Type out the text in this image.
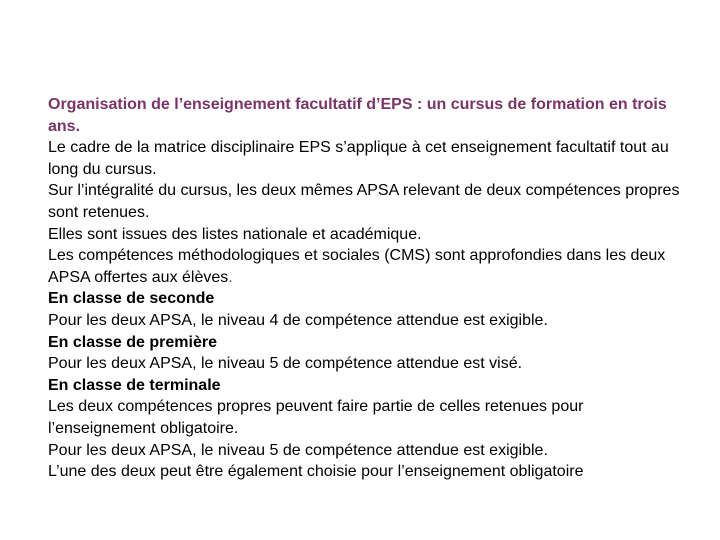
Organisation de l’enseignement facultatif d’EPS : un cursus de formation en trois ans.

Le cadre de la matrice disciplinaire EPS s’applique à cet enseignement facultatif tout au long du cursus.

Sur l’intégralité du cursus, les deux mêmes APSA relevant de deux compétences propres sont retenues.

Elles sont issues des listes nationale et académique.

Les compétences méthodologiques et sociales (CMS) sont approfondies dans les deux APSA offertes aux élèves.

En classe de seconde

Pour les deux APSA, le niveau 4 de compétence attendue est exigible.

En classe de première

Pour les deux APSA, le niveau 5 de compétence attendue est visé.

En classe de terminale

Les deux compétences propres peuvent faire partie de celles retenues pour l’enseignement obligatoire.

Pour les deux APSA, le niveau 5 de compétence attendue est exigible.

L’une des deux peut être également choisie pour l’enseignement obligatoire
